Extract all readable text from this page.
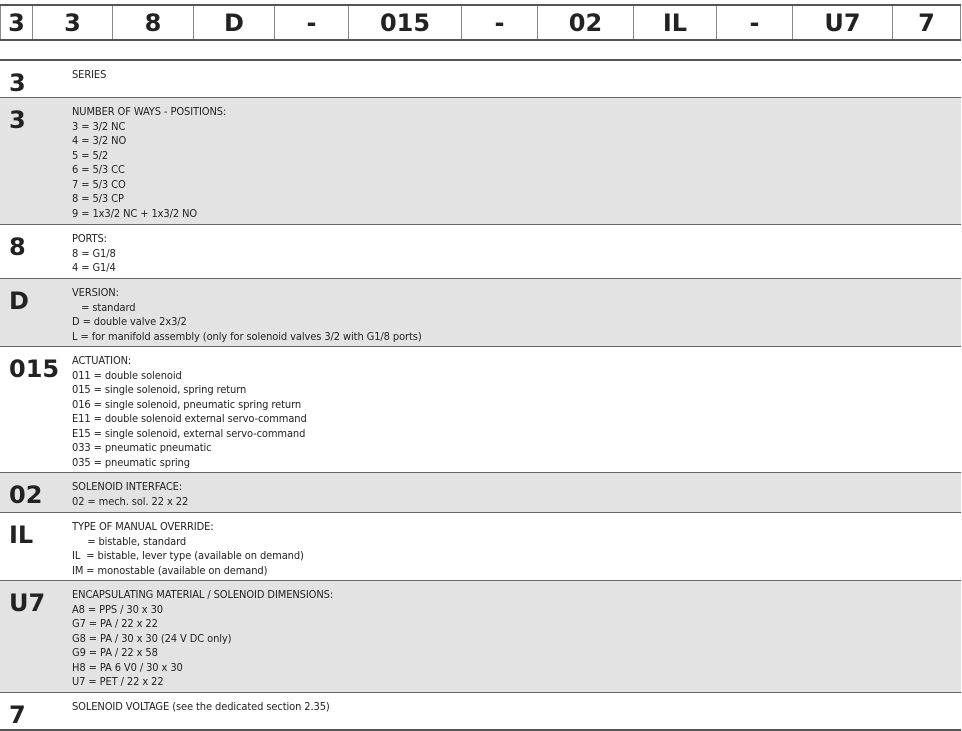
3	3	8	D	-	015	-	02	IL	-	U7	7
3	SERIES
3	NUMBER OF WAYS - POSITIONS:
3 = 3/2 NC
4 = 3/2 NO
5 = 5/2
6 = 5/3 CC
7 = 5/3 CO
8 = 5/3 CP
9 = 1x3/2 NC + 1x3/2 NO
8	PORTS:
8 = G1/8
4 = G1/4
D	VERSION:
= standard
D = double valve 2x3/2
L = for manifold assembly (only for solenoid valves 3/2 with G1/8 ports)
015	ACTUATION:
011 = double solenoid
015 = single solenoid, spring return
016 = single solenoid, pneumatic spring return
E11 = double solenoid external servo-command
E15 = single solenoid, external servo-command
033 = pneumatic pneumatic
035 = pneumatic spring
02	SOLENOID INTERFACE:
02 = mech. sol. 22 x 22
IL	TYPE OF MANUAL OVERRIDE:
= bistable, standard
IL  = bistable, lever type (available on demand)
IM = monostable (available on demand)
U7	ENCAPSULATING MATERIAL / SOLENOID DIMENSIONS:
A8 = PPS / 30 x 30
G7 = PA / 22 x 22
G8 = PA / 30 x 30 (24 V DC only)
G9 = PA / 22 x 58
H8 = PA 6 V0 / 30 x 30
U7 = PET / 22 x 22
7	SOLENOID VOLTAGE (see the dedicated section 2.35)
